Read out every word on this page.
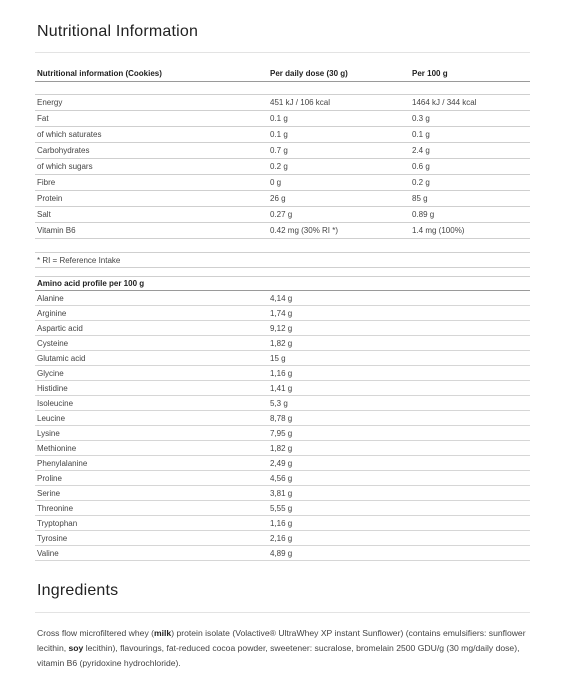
Nutritional Information
Nutritional information (Cookies)	Per daily dose (30 g)	Per 100 g

Energy	451 kJ / 106 kcal	1464 kJ / 344 kcal
Fat	0.1 g	0.3 g
of which saturates	0.1 g	0.1 g
Carbohydrates	0.7 g	2.4 g
of which sugars	0.2 g	0.6 g
Fibre	0 g	0.2 g
Protein	26 g	85 g
Salt	0.27 g	0.89 g
Vitamin B6	0.42 mg (30% RI *)	1.4 mg (100%)
* RI = Reference Intake
Amino acid profile per 100 g	
Alanine	4,14 g
Arginine	1,74 g
Aspartic acid	9,12 g
Cysteine	1,82 g
Glutamic acid	15 g
Glycine	1,16 g
Histidine	1,41 g
Isoleucine	5,3 g
Leucine	8,78 g
Lysine	7,95 g
Methionine	1,82 g
Phenylalanine	2,49 g
Proline	4,56 g
Serine	3,81 g
Threonine	5,55 g
Tryptophan	1,16 g
Tyrosine	2,16 g
Valine	4,89 g
Ingredients
Cross flow microfiltered whey (milk) protein isolate (Volactive® UltraWhey XP instant Sunflower) (contains emulsifiers: sunflower lecithin, soy lecithin), flavourings, fat-reduced cocoa powder, sweetener: sucralose, bromelain 2500 GDU/g (30 mg/daily dose), vitamin B6 (pyridoxine hydrochloride).
